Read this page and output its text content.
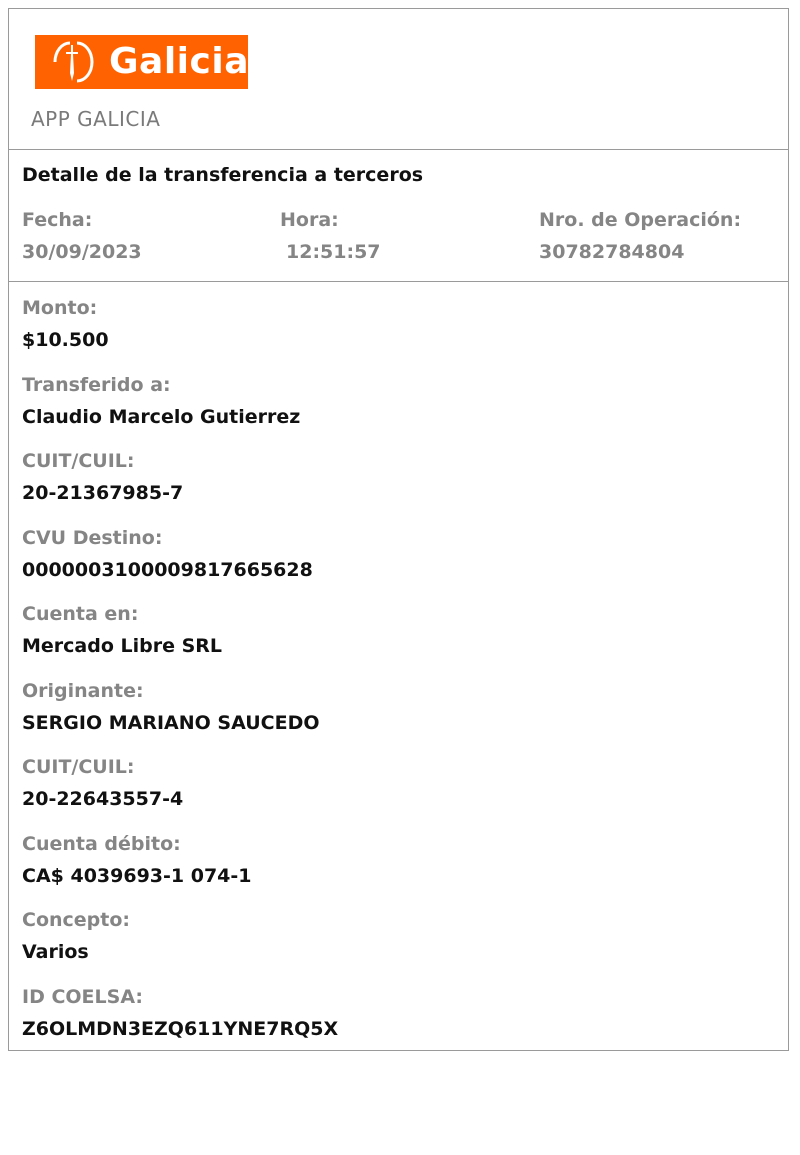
Galicia
APP GALICIA
Detalle de la transferencia a terceros
Fecha:
30/09/2023
Hora:
12:51:57
Nro. de Operación:
30782784804
Monto:
$10.500
Transferido a:
Claudio Marcelo Gutierrez
CUIT/CUIL:
20-21367985-7
CVU Destino:
0000003100009817665628
Cuenta en:
Mercado Libre SRL
Originante:
SERGIO MARIANO SAUCEDO
CUIT/CUIL:
20-22643557-4
Cuenta débito:
CA$ 4039693-1 074-1
Concepto:
Varios
ID COELSA:
Z6OLMDN3EZQ611YNE7RQ5X
